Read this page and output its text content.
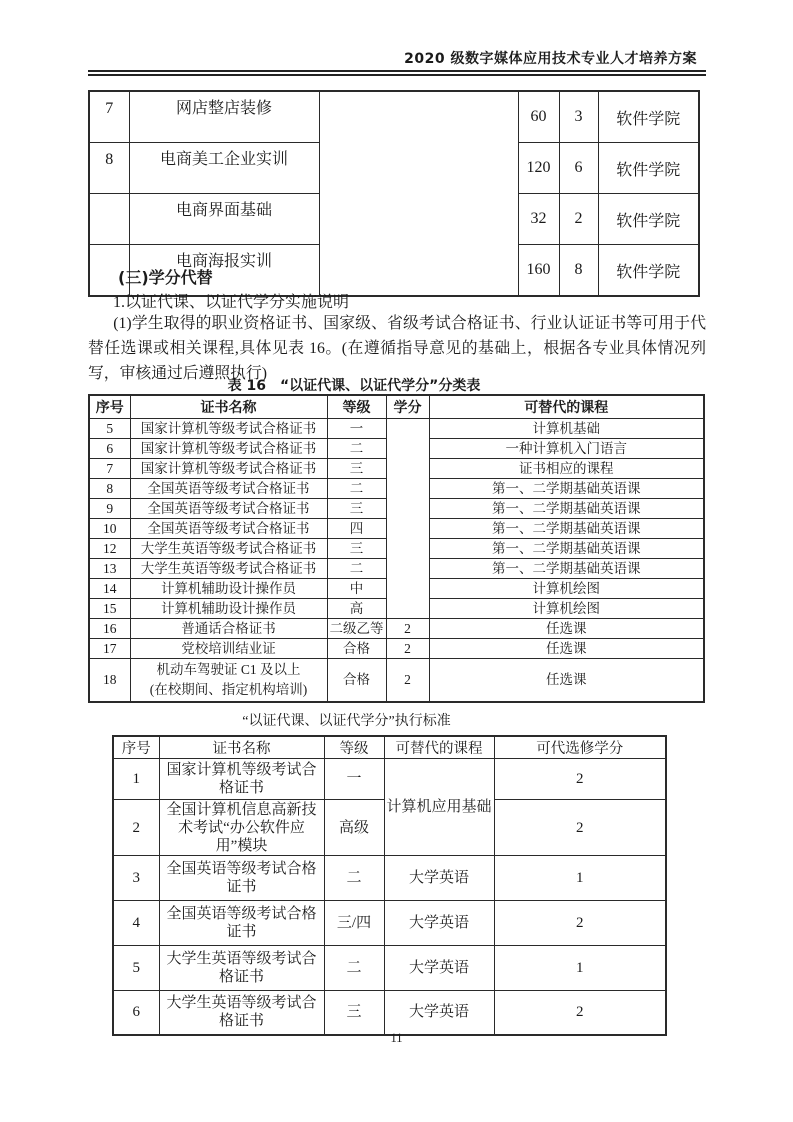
2020 级数字媒体应用技术专业人才培养方案
7	网店整店装修		60	3	软件学院
8	电商美工企业实训		120	6	软件学院
	电商界面基础		32	2	软件学院
	电商海报实训		160	8	软件学院
(三)学分代替
1.以证代课、以证代学分实施说明
(1)学生取得的职业资格证书、国家级、省级考试合格证书、行业认证证书等可用于代替任选课或相关课程,具体见表 16。(在遵循指导意见的基础上，根据各专业具体情况列写，审核通过后遵照执行)
表 16　“以证代课、以证代学分”分类表
序号	证书名称	等级	学分	可替代的课程
5	国家计算机等级考试合格证书	一		计算机基础
6	国家计算机等级考试合格证书	二		一种计算机入门语言
7	国家计算机等级考试合格证书	三		证书相应的课程
8	全国英语等级考试合格证书	二		第一、二学期基础英语课
9	全国英语等级考试合格证书	三		第一、二学期基础英语课
10	全国英语等级考试合格证书	四		第一、二学期基础英语课
12	大学生英语等级考试合格证书	三		第一、二学期基础英语课
13	大学生英语等级考试合格证书	二		第一、二学期基础英语课
14	计算机辅助设计操作员	中		计算机绘图
15	计算机辅助设计操作员	高		计算机绘图
16	普通话合格证书	二级乙等	2	任选课
17	党校培训结业证	合格	2	任选课
18	机动车驾驶证 C1 及以上
(在校期间、指定机构培训)	合格	2	任选课
“以证代课、以证代学分”执行标准
序号	证书名称	等级	可替代的课程	可代选修学分
1	国家计算机等级考试合格证书	一	计算机应用基础	2
2	全国计算机信息高新技术考试“办公软件应用”模块	高级		2
3	全国英语等级考试合格证书	二	大学英语	1
4	全国英语等级考试合格证书	三/四	大学英语	2
5	大学生英语等级考试合格证书	二	大学英语	1
6	大学生英语等级考试合格证书	三	大学英语	2
11
